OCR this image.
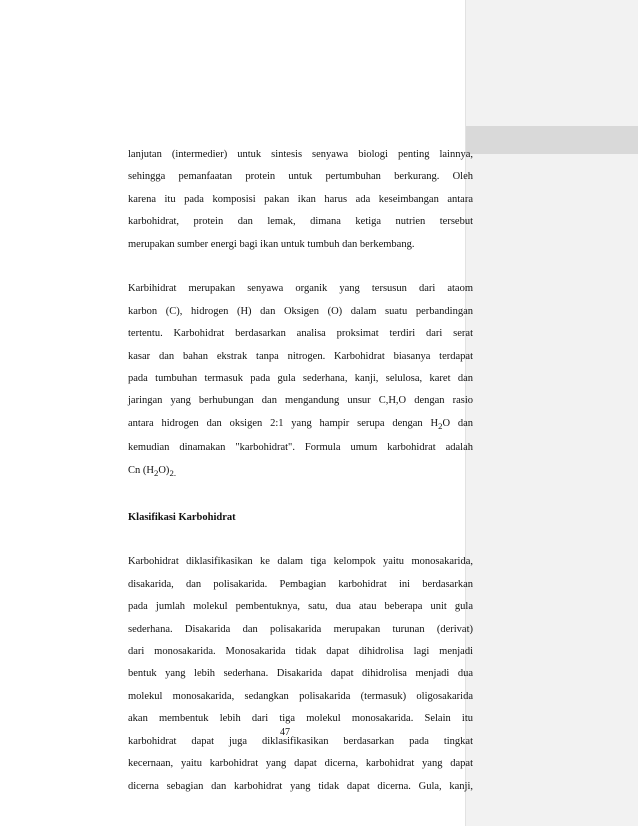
lanjutan (intermedier) untuk sintesis senyawa biologi penting lainnya,
sehingga pemanfaatan protein untuk pertumbuhan berkurang. Oleh
karena itu pada komposisi pakan ikan harus ada keseimbangan antara
karbohidrat, protein dan lemak, dimana ketiga nutrien tersebut
merupakan sumber energi bagi ikan untuk tumbuh dan berkembang.
Karbihidrat merupakan senyawa organik yang tersusun dari ataom
karbon (C), hidrogen (H) dan Oksigen (O) dalam suatu perbandingan
tertentu. Karbohidrat berdasarkan analisa proksimat terdiri dari serat
kasar dan bahan ekstrak tanpa nitrogen. Karbohidrat biasanya terdapat
pada tumbuhan termasuk pada gula sederhana, kanji, selulosa, karet dan
jaringan yang berhubungan dan mengandung unsur C,H,O dengan rasio
antara hidrogen dan oksigen 2:1 yang hampir serupa dengan $H_2O$ dan
kemudian dinamakan "karbohidrat". Formula umum karbohidrat adalah
Cn $(H_2O)_{2.}$
Klasifikasi Karbohidrat
Karbohidrat diklasifikasikan ke dalam tiga kelompok yaitu monosakarida,
disakarida, dan polisakarida. Pembagian karbohidrat ini berdasarkan
pada jumlah molekul pembentuknya, satu, dua atau beberapa unit gula
sederhana. Disakarida dan polisakarida merupakan turunan (derivat)
dari monosakarida. Monosakarida tidak dapat dihidrolisa lagi menjadi
bentuk yang lebih sederhana. Disakarida dapat dihidrolisa menjadi dua
molekul monosakarida, sedangkan polisakarida (termasuk) oligosakarida
akan membentuk lebih dari tiga molekul monosakarida. Selain itu
karbohidrat dapat juga diklasifikasikan berdasarkan pada tingkat
kecernaan, yaitu karbohidrat yang dapat dicerna, karbohidrat yang dapat
dicerna sebagian dan karbohidrat yang tidak dapat dicerna. Gula, kanji,
47
